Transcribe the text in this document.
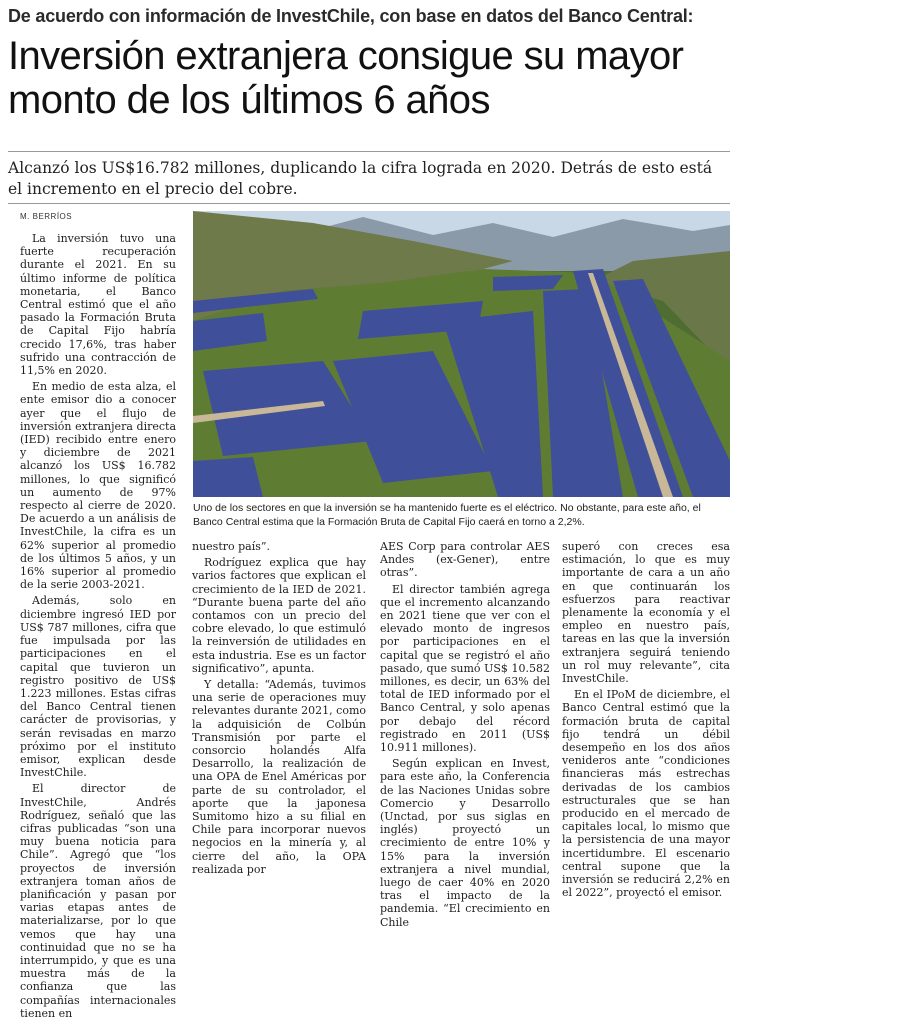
De acuerdo con información de InvestChile, con base en datos del Banco Central:
Inversión extranjera consigue su mayor monto de los últimos 6 años

Alcanzó los US$16.782 millones, duplicando la cifra lograda en 2020. Detrás de esto está el incremento en el precio del cobre.

M. BERRÍOS

La inversión tuvo una fuerte recuperación durante el 2021. En su último informe de política monetaria, el Banco Central estimó que el año pasado la Formación Bruta de Capital Fijo habría crecido 17,6%, tras haber sufrido una contracción de 11,5% en 2020.

En medio de esta alza, el ente emisor dio a conocer ayer que el flujo de inversión extranjera directa (IED) recibido entre enero y diciembre de 2021 alcanzó los US$ 16.782 millones, lo que significó un aumento de 97% respecto al cierre de 2020. De acuerdo a un análisis de InvestChile, la cifra es un 62% superior al promedio de los últimos 5 años, y un 16% superior al promedio de la serie 2003-2021.

Además, solo en diciembre ingresó IED por US$ 787 millones, cifra que fue impulsada por las participaciones en el capital que tuvieron un registro positivo de US$ 1.223 millones. Estas cifras del Banco Central tienen carácter de provisorias, y serán revisadas en marzo próximo por el instituto emisor, explican desde InvestChile.

El director de InvestChile, Andrés Rodríguez, señaló que las cifras publicadas “son una muy buena noticia para Chile”. Agregó que “los proyectos de inversión extranjera toman años de planificación y pasan por varias etapas antes de materializarse, por lo que vemos que hay una continuidad que no se ha interrumpido, y que es una muestra más de la confianza que las compañías internacionales tienen en

MAURICIO QUEZADA
Uno de los sectores en que la inversión se ha mantenido fuerte es el eléctrico. No obstante, para este año, el Banco Central estima que la Formación Bruta de Capital Fijo caerá en torno a 2,2%.

nuestro país”.

Rodríguez explica que hay varios factores que explican el crecimiento de la IED de 2021. “Durante buena parte del año contamos con un precio del cobre elevado, lo que estimuló la reinversión de utilidades en esta industria. Ese es un factor significativo”, apunta.

Y detalla: “Además, tuvimos una serie de operaciones muy relevantes durante 2021, como la adquisición de Colbún Transmisión por parte el consorcio holandés Alfa Desarrollo, la realización de una OPA de Enel Américas por parte de su controlador, el aporte que la japonesa Sumitomo hizo a su filial en Chile para incorporar nuevos negocios en la minería y, al cierre del año, la OPA realizada por

AES Corp para controlar AES Andes (ex-Gener), entre otras”.

El director también agrega que el incremento alcanzando en 2021 tiene que ver con el elevado monto de ingresos por participaciones en el capital que se registró el año pasado, que sumó US$ 10.582 millones, es decir, un 63% del total de IED informado por el Banco Central, y solo apenas por debajo del récord registrado en 2011 (US$ 10.911 millones).

Según explican en Invest, para este año, la Conferencia de las Naciones Unidas sobre Comercio y Desarrollo (Unctad, por sus siglas en inglés) proyectó un crecimiento de entre 10% y 15% para la inversión extranjera a nivel mundial, luego de caer 40% en 2020 tras el impacto de la pandemia. “El crecimiento en Chile

superó con creces esa estimación, lo que es muy importante de cara a un año en que continuarán los esfuerzos para reactivar plenamente la economía y el empleo en nuestro país, tareas en las que la inversión extranjera seguirá teniendo un rol muy relevante”, cita InvestChile.

En el IPoM de diciembre, el Banco Central estimó que la formación bruta de capital fijo tendrá un débil desempeño en los dos años venideros ante “condiciones financieras más estrechas derivadas de los cambios estructurales que se han producido en el mercado de capitales local, lo mismo que la persistencia de una mayor incertidumbre. El escenario central supone que la inversión se reducirá 2,2% en el 2022”, proyectó el emisor.
